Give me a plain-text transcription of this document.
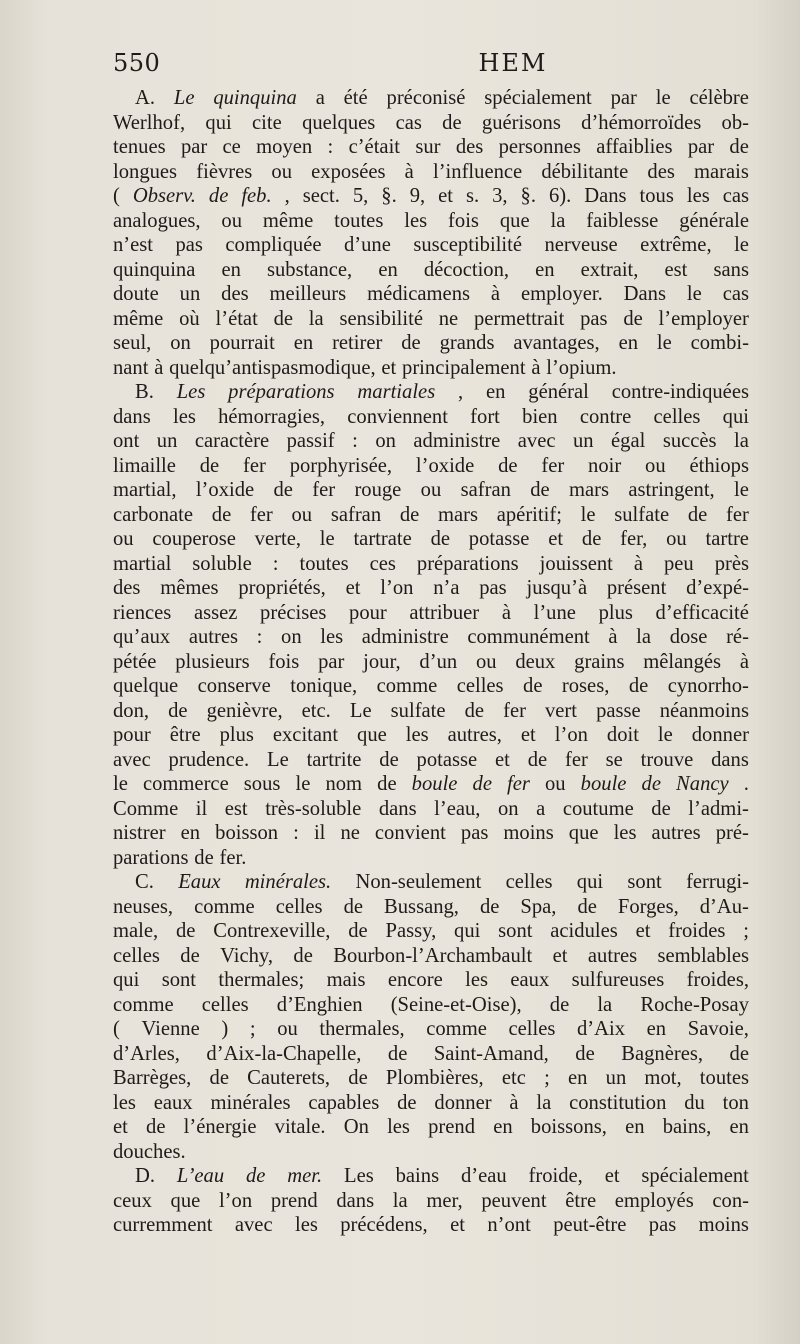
550	HEM
A. Le quinquina a été préconisé spécialement par le célèbre
Werlhof, qui cite quelques cas de guérisons d’hémorroïdes ob-
tenues par ce moyen : c’était sur des personnes affaiblies par de
longues fièvres ou exposées à l’influence débilitante des marais
( Observ. de feb. , sect. 5, §. 9, et s. 3, §. 6). Dans tous les cas
analogues, ou même toutes les fois que la faiblesse générale
n’est pas compliquée d’une susceptibilité nerveuse extrême, le
quinquina en substance, en décoction, en extrait, est sans
doute un des meilleurs médicamens à employer. Dans le cas
même où l’état de la sensibilité ne permettrait pas de l’employer
seul, on pourrait en retirer de grands avantages, en le combi-
nant à quelqu’antispasmodique, et principalement à l’opium.
B. Les préparations martiales , en général contre-indiquées
dans les hémorragies, conviennent fort bien contre celles qui
ont un caractère passif : on administre avec un égal succès la
limaille de fer porphyrisée, l’oxide de fer noir ou éthiops
martial, l’oxide de fer rouge ou safran de mars astringent, le
carbonate de fer ou safran de mars apéritif; le sulfate de fer
ou couperose verte, le tartrate de potasse et de fer, ou tartre
martial soluble : toutes ces préparations jouissent à peu près
des mêmes propriétés, et l’on n’a pas jusqu’à présent d’expé-
riences assez précises pour attribuer à l’une plus d’efficacité
qu’aux autres : on les administre communément à la dose ré-
pétée plusieurs fois par jour, d’un ou deux grains mêlangés à
quelque conserve tonique, comme celles de roses, de cynorrho-
don, de genièvre, etc. Le sulfate de fer vert passe néanmoins
pour être plus excitant que les autres, et l’on doit le donner
avec prudence. Le tartrite de potasse et de fer se trouve dans
le commerce sous le nom de boule de fer ou boule de Nancy .
Comme il est très-soluble dans l’eau, on a coutume de l’admi-
nistrer en boisson : il ne convient pas moins que les autres pré-
parations de fer.
C. Eaux minérales. Non-seulement celles qui sont ferrugi-
neuses, comme celles de Bussang, de Spa, de Forges, d’Au-
male, de Contrexeville, de Passy, qui sont acidules et froides ;
celles de Vichy, de Bourbon-l’Archambault et autres semblables
qui sont thermales; mais encore les eaux sulfureuses froides,
comme celles d’Enghien (Seine-et-Oise), de la Roche-Posay
( Vienne ) ; ou thermales, comme celles d’Aix en Savoie,
d’Arles, d’Aix-la-Chapelle, de Saint-Amand, de Bagnères, de
Barrèges, de Cauterets, de Plombières, etc ; en un mot, toutes
les eaux minérales capables de donner à la constitution du ton
et de l’énergie vitale. On les prend en boissons, en bains, en
douches.
D. L’eau de mer. Les bains d’eau froide, et spécialement
ceux que l’on prend dans la mer, peuvent être employés con-
curremment avec les précédens, et n’ont peut-être pas moins
